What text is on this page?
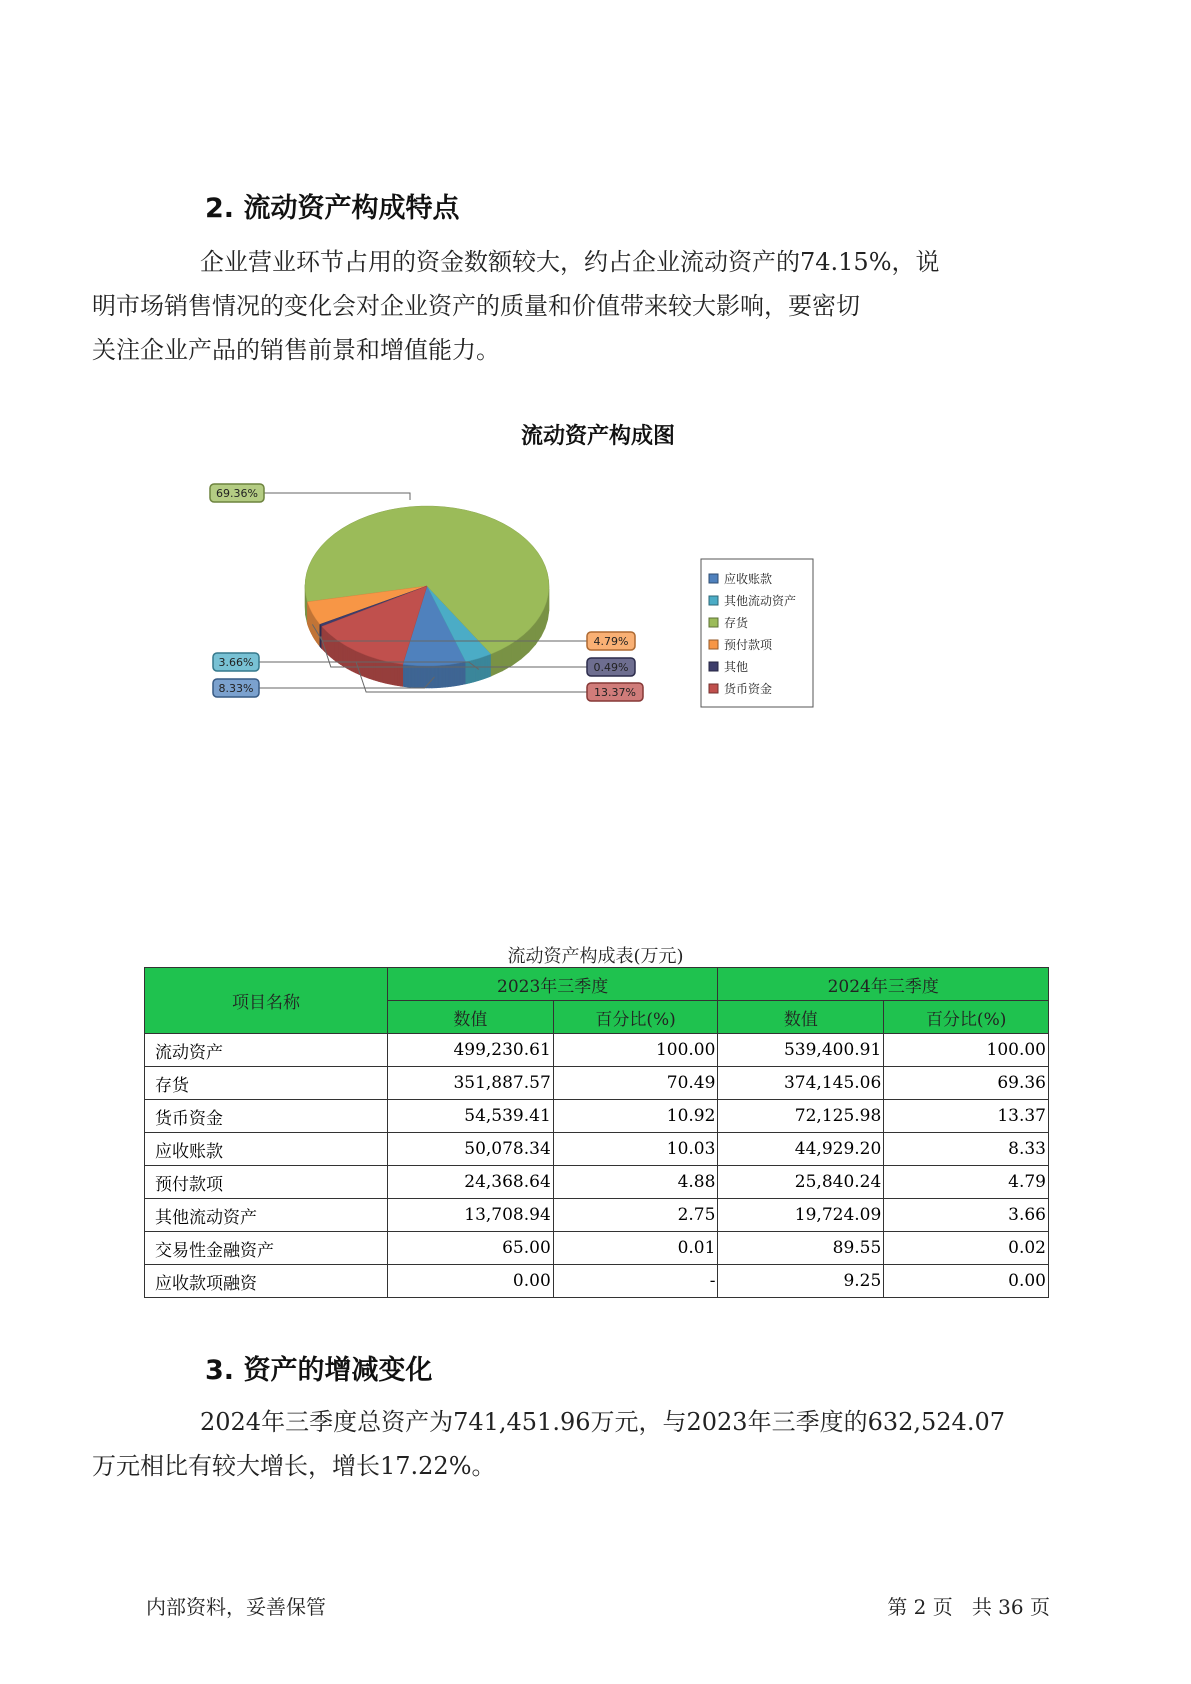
2. 流动资产构成特点
企业营业环节占用的资金数额较大，约占企业流动资产的74.15%，说
明市场销售情况的变化会对企业资产的质量和价值带来较大影响，要密切
关注企业产品的销售前景和增值能力。
流动资产构成图
8.33%
3.66%
69.36%
4.79%
0.49%
13.37%
应收账款
其他流动资产
存货
预付款项
其他
货币资金
流动资产构成表(万元)
项目名称	2023年三季度		2024年三季度	
	数值	百分比(%)	数值	百分比(%)
流动资产	499,230.61	100.00	539,400.91	100.00
存货	351,887.57	70.49	374,145.06	69.36
货币资金	54,539.41	10.92	72,125.98	13.37
应收账款	50,078.34	10.03	44,929.20	8.33
预付款项	24,368.64	4.88	25,840.24	4.79
其他流动资产	13,708.94	2.75	19,724.09	3.66
交易性金融资产	65.00	0.01	89.55	0.02
应收款项融资	0.00	-	9.25	0.00
3. 资产的增减变化
2024年三季度总资产为741,451.96万元，与2023年三季度的632,524.07
万元相比有较大增长，增长17.22%。
内部资料，妥善保管	第 2 页   共 36 页
